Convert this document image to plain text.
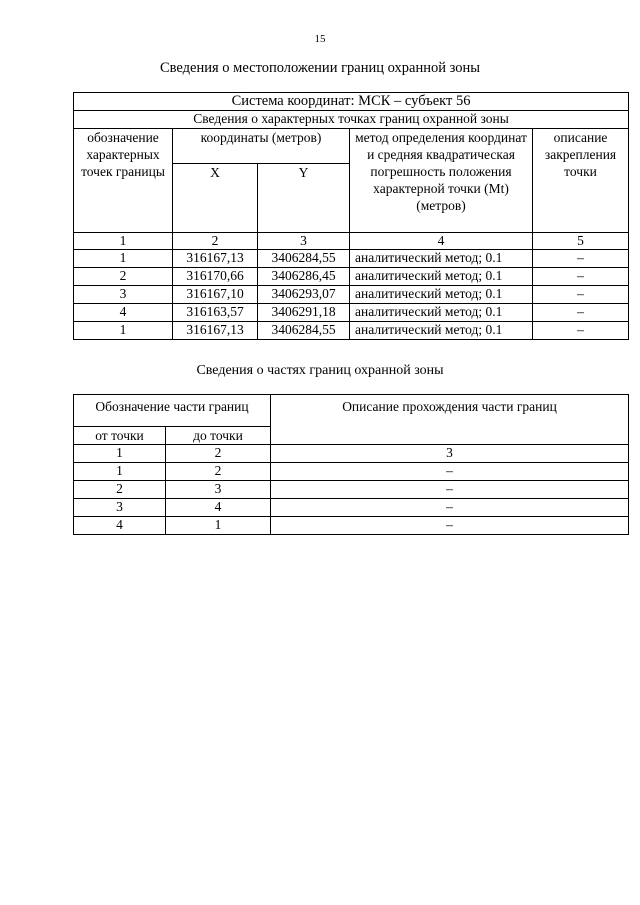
15
Сведения о местоположении границ охранной зоны
Система координат: МСК – субъект 56				
Сведения о характерных точках границ охранной зоны				
обозначение характерных точек границы	координаты (метров)		метод определения координат и средняя квадратическая погрешность положения характерной точки (Mt) (метров)	описание закрепления точки
	X	Y		
1	2	3	4	5
1	316167,13	3406284,55	аналитический метод; 0.1	–
2	316170,66	3406286,45	аналитический метод; 0.1	–
3	316167,10	3406293,07	аналитический метод; 0.1	–
4	316163,57	3406291,18	аналитический метод; 0.1	–
1	316167,13	3406284,55	аналитический метод; 0.1	–
Сведения о частях границ охранной зоны
Обозначение части границ		Описание прохождения части границ
от точки	до точки	
1	2	3
1	2	–
2	3	–
3	4	–
4	1	–
